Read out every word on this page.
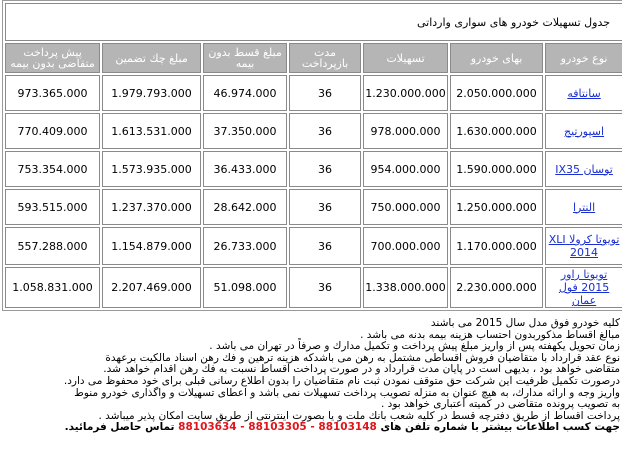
جدول تسهیلات خودرو های سواری وارداتی						
نوع خودرو	بهای خودرو	تسهیلات	مدت بازپرداخت	مبلغ قسط بدون بیمه	مبلغ چك تضمین	پیش پرداخت متقاضی بدون بیمه
سانتافه	2.050.000.000	1.230.000.000	36	46.974.000	1.979.793.000	973.365.000
اسپورتیج	1.630.000.000	978.000.000	36	37.350.000	1.613.531.000	770.409.000
توسان IX35	1.590.000.000	954.000.000	36	36.433.000	1.573.935.000	753.354.000
النترا	1.250.000.000	750.000.000	36	28.642.000	1.237.370.000	593.515.000
تویوتا كرولا XLI 2014	1.170.000.000	700.000.000	36	26.733.000	1.154.879.000	557.288.000
تویوتا راور 2015 فول عمان	2.230.000.000	1.338.000.000	36	51.098.000	2.207.469.000	1.058.831.000

كلیه خودرو فوق مدل سال 2015 می باشند

مبالغ اقساط مذكوربدون احتساب هزینه بیمه بدنه می باشد .

زمان تحویل یكهفته پس از واریز مبلغ پیش پرداخت و تكمیل مدارك و صرفاً در تهران می باشد .

نوع عقد قرارداد با متقاضیان فروش اقساطی مشتمل به رهن می باشدكه هزینه ترهین و فك رهن اسناد مالكیت برعهدة

متقاضی خواهد بود ، بدیهی است در پایان مدت قرارداد و در صورت پرداخت اقساط نسبت به فك رهن اقدام خواهد شد.

درصورت تكمیل ظرفیت این شركت حق متوقف نمودن ثبت نام متقاضیان را بدون اطلاع رسانی قبلی برای خود محفوظ می دارد.

واریز وجه و ارائه مدارك، به هیچ عنوان به منزله تصویب پرداخت تسهیلات نمی باشد و اعطای تسهیلات و واگذاری خودرو منوط

به تصویب پرونده متقاضی در كمیته اعتباری خواهد بود .

پرداخت اقساط از طریق دفترچه قسط در كلیه شعب بانك ملت و یا بصورت اینترنتی از طریق سایت امكان پذیر میباشد .

جهت كسب اطلاعات بیشتر با شماره تلفن های 88103634 - 88103305 - 88103148 تماس حاصل فرمائید.
